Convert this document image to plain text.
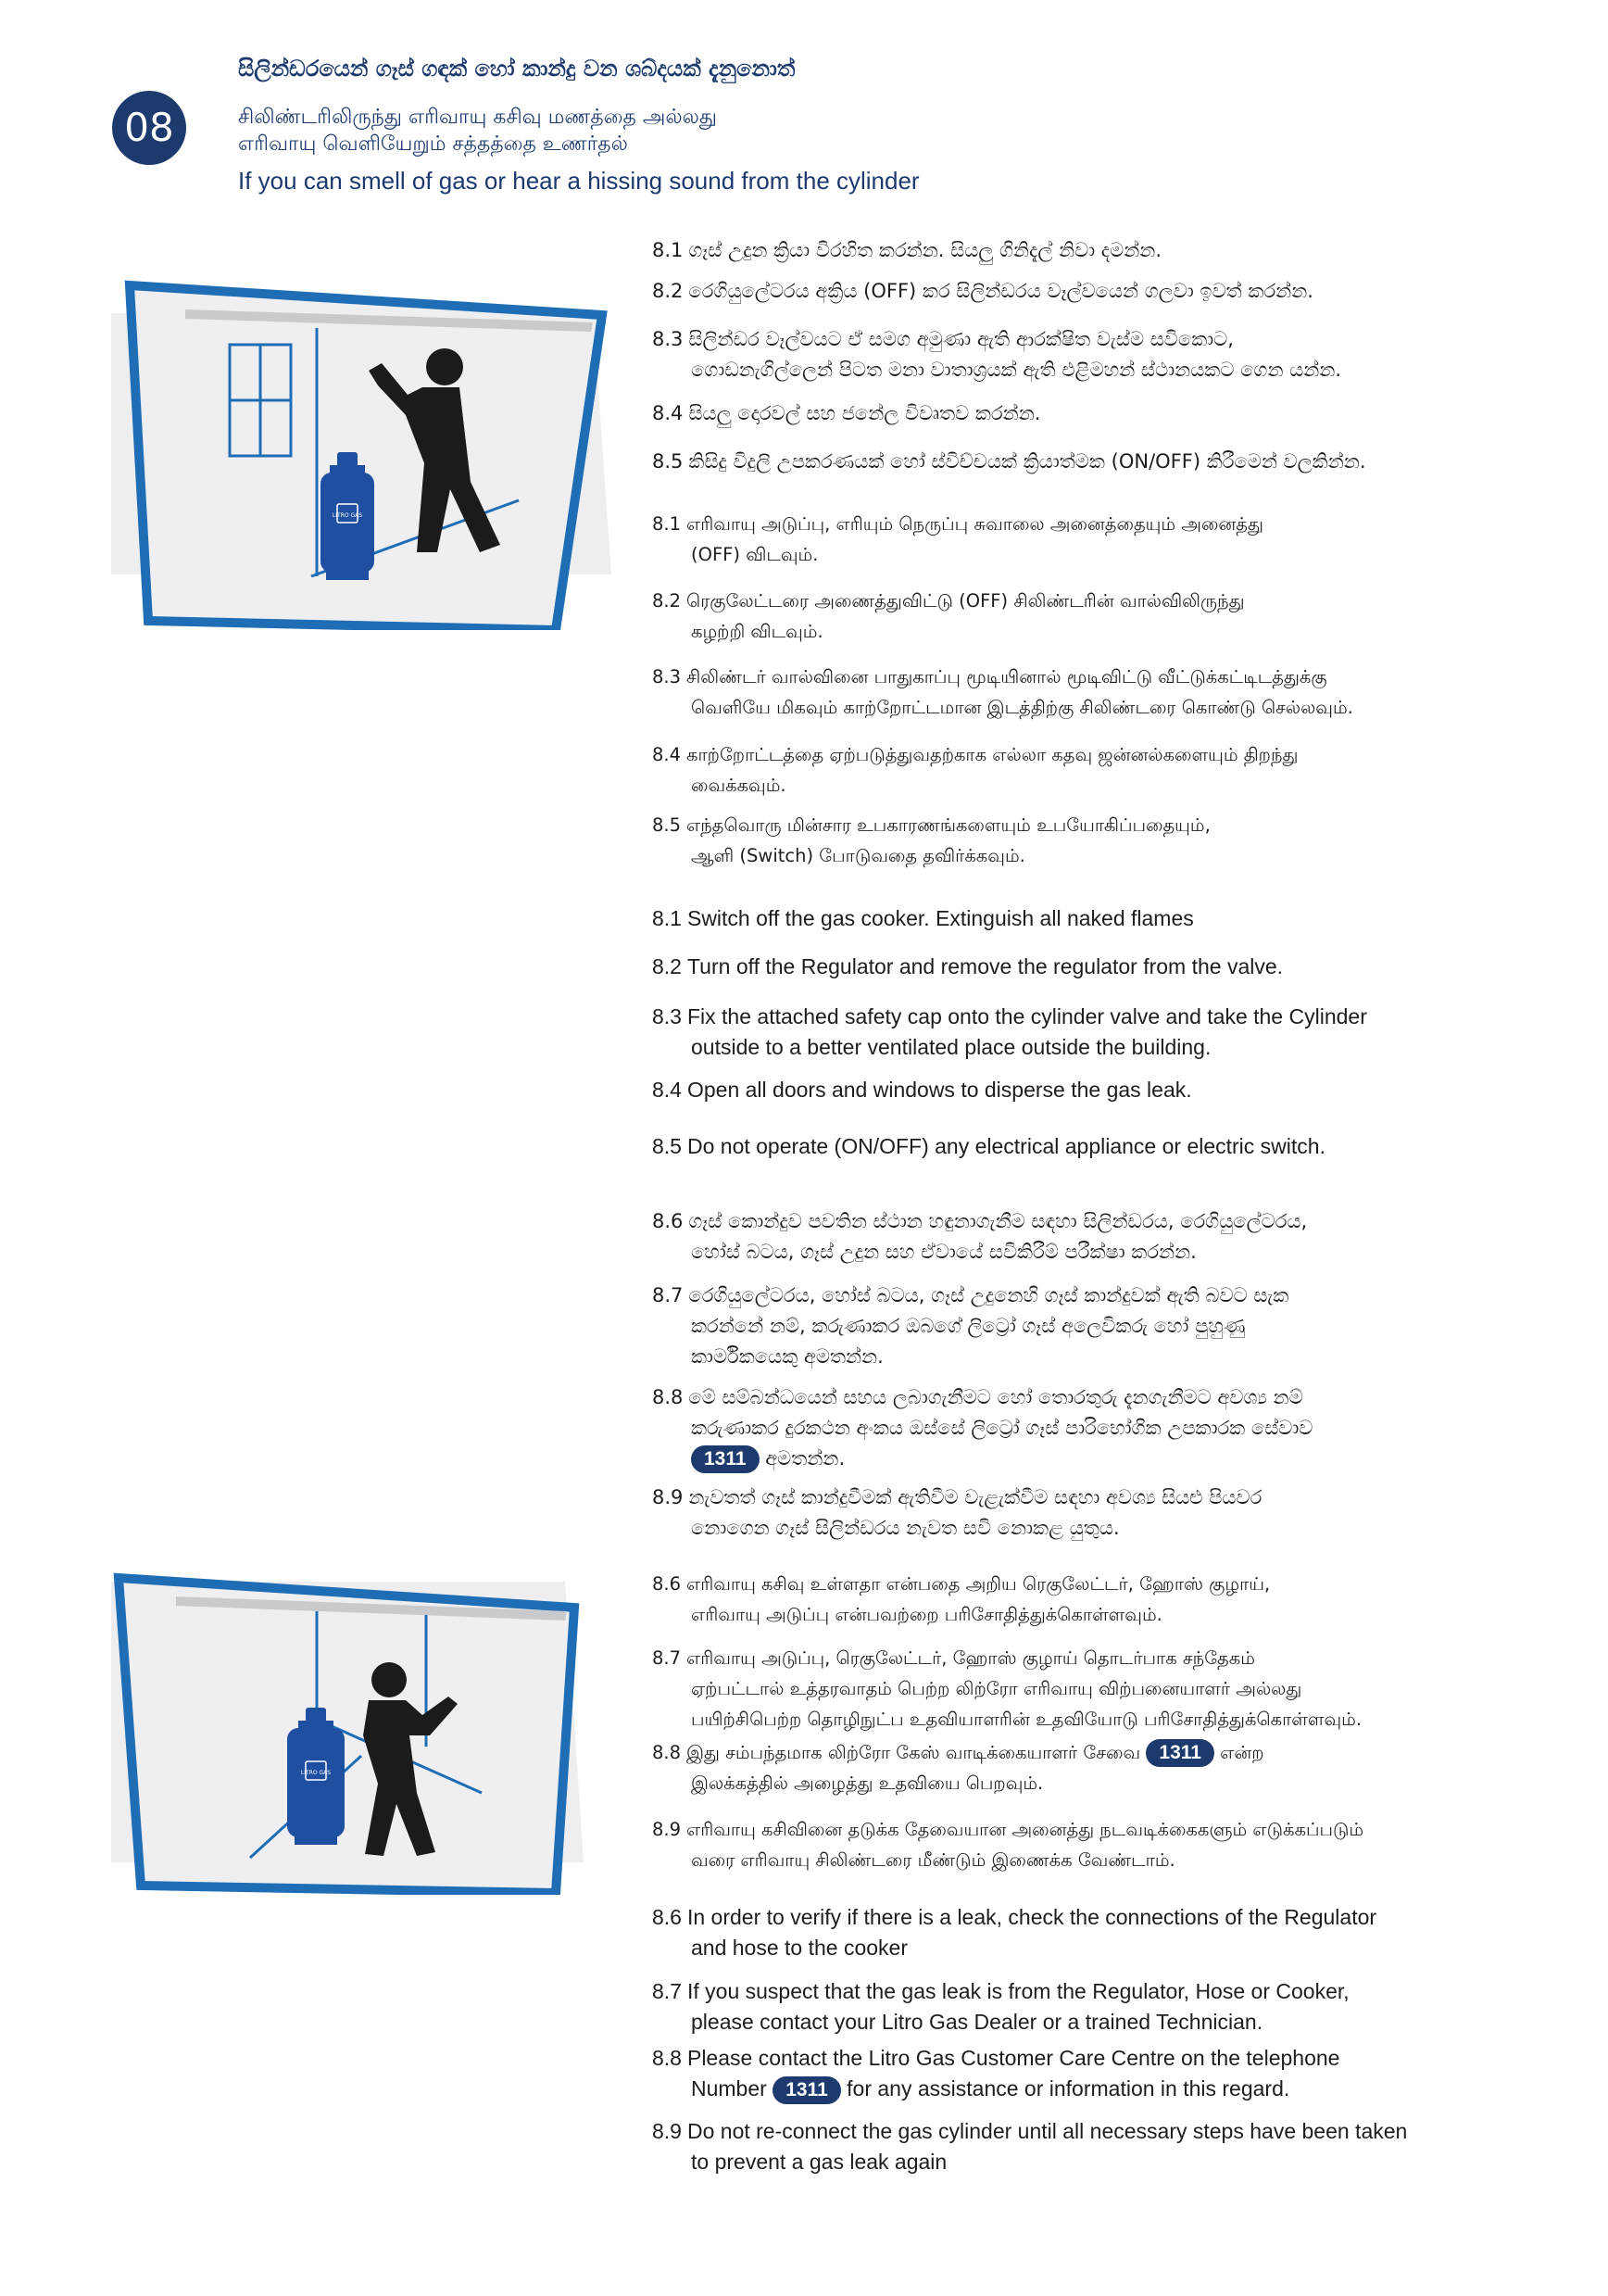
08
සිලින්ඩරයෙන් ගෑස් ගඳක් හෝ කාන්දු වන ශබ්දයක් දැනුනොත්
சிலிண்டரிலிருந்து எரிவாயு கசிவு மணத்தை அல்லது
எரிவாயு வெளியேறும் சத்தத்தை உணர்தல்
If you can smell of gas or hear a hissing sound from the cylinder
LITRO GAS
LITRO GAS
8.1 ගෑස් උදුන ක්‍රියා විරහිත කරන්න. සියලු ගිනිදැල් නිවා දමන්න.
8.2 රෙගියුලේටරය අක්‍රිය (OFF) කර සිලින්ඩරය වෑල්වයෙන් ගලවා ඉවත් කරන්න.
8.3 සිලින්ඩර වෑල්වයට ඒ සමග අමුණා ඇති ආරක්ෂිත වැස්ම සවිකොට,
ගොඩනැගිල්ලෙන් පිටත මනා වාතාශ්‍රයක් ඇති එළිමහන් ස්ථානයකට ගෙන යන්න.
8.4 සියලු දොරවල් සහ ජනේල විවෘතව කරන්න.
8.5 කිසිදු විදුලි උපකරණයක් හෝ ස්විච්චයක් ක්‍රියාත්මක (ON/OFF) කිරීමෙන් වලකින්න.
8.1 எரிவாயு அடுப்பு, எரியும் நெருப்பு சுவாலை அனைத்தையும் அனைத்து
(OFF) விடவும்.
8.2 ரெகுலேட்டரை அணைத்துவிட்டு (OFF) சிலிண்டரின் வால்விலிருந்து
கழற்றி விடவும்.
8.3 சிலிண்டர் வால்வினை பாதுகாப்பு மூடியினால் மூடிவிட்டு வீட்டுக்கட்டிடத்துக்கு
வெளியே மிகவும் காற்றோட்டமான இடத்திற்கு சிலிண்டரை கொண்டு செல்லவும்.
8.4 காற்றோட்டத்தை ஏற்படுத்துவதற்காக எல்லா கதவு ஜன்னல்களையும் திறந்து
வைக்கவும்.
8.5 எந்தவொரு மின்சார உபகாரணங்களையும் உபயோகிப்பதையும்,
ஆளி (Switch) போடுவதை தவிர்க்கவும்.
8.1 Switch off the gas cooker. Extinguish all naked flames
8.2 Turn off the Regulator and remove the regulator from the valve.
8.3 Fix the attached safety cap onto the cylinder valve and take the Cylinder
outside to a better ventilated place outside the building.
8.4 Open all doors and windows to disperse the gas leak.
8.5 Do not operate (ON/OFF) any electrical appliance or electric switch.
8.6 ගෑස් කොන්දුව පවතින ස්ථාන හඳුනාගැනීම සඳහා සිලින්ඩරය, රෙගියුලේටරය,
හෝස් බටය, ගෑස් උදුන සහ ඒවායේ සවිකිරීම් පරීක්ෂා කරන්න.
8.7 රෙගියුලේටරය, හෝස් බටය, ගෑස් උදුනෙහි ගෑස් කාන්දුවක් ඇති බවට සැක
කරන්නේ නම්, කරුණාකර ඔබගේ ලිට්‍රෝ ගෑස් අලෙවිකරු හෝ පුහුණු
කාර්මිකයෙකු අමතන්න.
8.8 මේ සම්බන්ධයෙන් සහය ලබාගැනීමට හෝ තොරතුරු දැනගැනීමට අවශ්‍ය නම්
කරුණාකර දුරකථන අංකය ඔස්සේ ලිට්‍රෝ ගෑස් පාරිභෝගික උපකාරක සේවාව
1311 අමතන්න.
8.9 නැවතත් ගෑස් කාන්දුවීමක් ඇතිවීම වැළැක්වීම සඳහා අවශ්‍ය සියළු පියවර
නොගෙන ගෑස් සිලින්ඩරය නැවත සවි නොකළ යුතුය.
8.6 எரிவாயு கசிவு உள்ளதா என்பதை அறிய ரெகுலேட்டர், ஹோஸ் குழாய்,
எரிவாயு அடுப்பு என்பவற்றை பரிசோதித்துக்கொள்ளவும்.
8.7 எரிவாயு அடுப்பு, ரெகுலேட்டர், ஹோஸ் குழாய் தொடர்பாக சந்தேகம்
ஏற்பட்டால் உத்தரவாதம் பெற்ற லிற்ரோ எரிவாயு விற்பனையாளர் அல்லது
பயிற்சிபெற்ற தொழிநுட்ப உதவியாளரின் உதவியோடு பரிசோதித்துக்கொள்ளவும்.
8.8 இது சம்பந்தமாக லிற்ரோ கேஸ் வாடிக்கையாளர் சேவை 1311 என்ற
இலக்கத்தில் அழைத்து உதவியை பெறவும்.
8.9 எரிவாயு கசிவினை தடுக்க தேவையான அனைத்து நடவடிக்கைகளும் எடுக்கப்படும்
வரை எரிவாயு சிலிண்டரை மீண்டும் இணைக்க வேண்டாம்.
8.6 In order to verify if there is a leak, check the connections of the Regulator
and hose to the cooker
8.7 If you suspect that the gas leak is from the Regulator, Hose or Cooker,
please contact your Litro Gas Dealer or a trained Technician.
8.8 Please contact the Litro Gas Customer Care Centre on the telephone
Number 1311 for any assistance or information in this regard.
8.9 Do not re-connect the gas cylinder until all necessary steps have been taken
to prevent a gas leak again
